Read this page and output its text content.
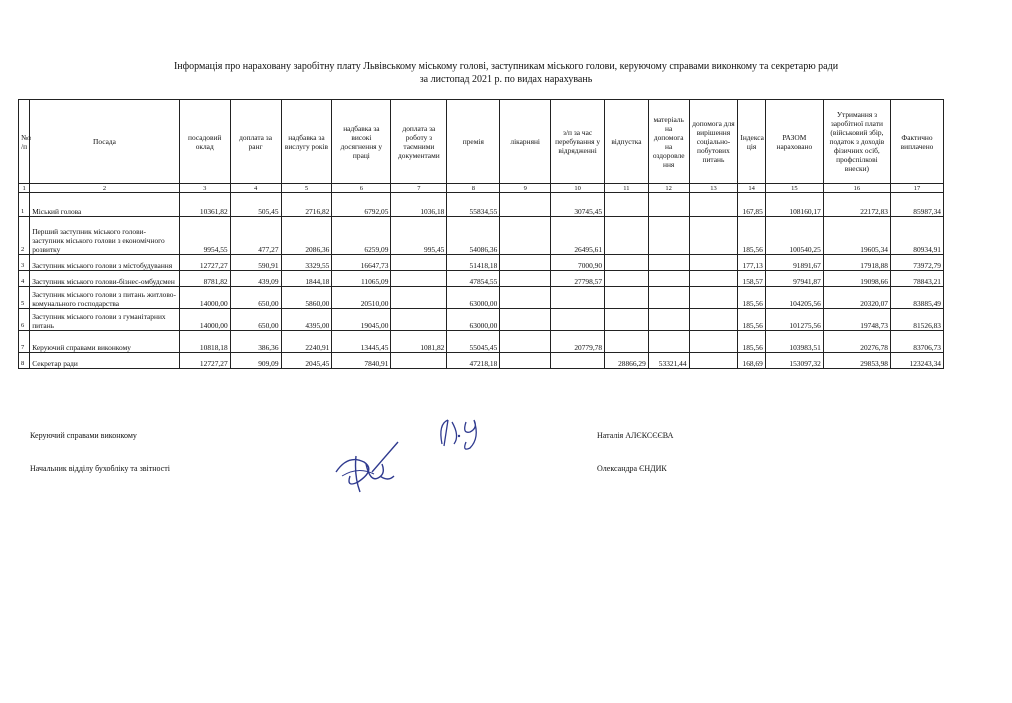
Інформація про нараховану заробітну плату Львівському міському голові, заступникам міського голови, керуючому справами виконкому та секретарю ради
за листопад 2021 р. по видах нарахувань
№з /п	Посада	посадовий оклад	доплата за ранг	надбавка за вислугу років	надбавка за високі досягнення у праці	доплата за роботу з таємними документами	премія	лікарняні	з/п за час перебування у відрядженні	відпустка	матеріаль на допомога на оздоровле ння	допомога для вирішення соціально-побутових питань	Індекса ція	РАЗОМ нараховано	Утримання з заробітної плати (військовий збір, податок з доходів фізичних осіб, профспілкові внески)	Фактично виплачено
1	2	3	4	5	6	7	8	9	10	11	12	13	14	15	16	17
1	Міський голова	10361,82	505,45	2716,82	6792,05	1036,18	55834,55		30745,45				167,85	108160,17	22172,83	85987,34
2	Перший заступник міського голови-заступник міського голови з економічного розвитку	9954,55	477,27	2086,36	6259,09	995,45	54086,36		26495,61				185,56	100540,25	19605,34	80934,91
3	Заступник міського голови з містобудування	12727,27	590,91	3329,55	16647,73		51418,18		7000,90				177,13	91891,67	17918,88	73972,79
4	Заступник міського голови-бізнес-омбудсмен	8781,82	439,09	1844,18	11065,09		47854,55		27798,57				158,57	97941,87	19098,66	78843,21
5	Заступник міського голови з питань житлово-комунального господарства	14000,00	650,00	5860,00	20510,00		63000,00						185,56	104205,56	20320,07	83885,49
6	Заступник міського голови з гуманітарних питань	14000,00	650,00	4395,00	19045,00		63000,00						185,56	101275,56	19748,73	81526,83
7	Керуючий справами виконкому	10818,18	386,36	2240,91	13445,45	1081,82	55045,45		20779,78				185,56	103983,51	20276,78	83706,73
8	Секретар ради	12727,27	909,09	2045,45	7840,91		47218,18			28866,29	53321,44		168,69	153097,32	29853,98	123243,34
Керуючий справами виконкому
Начальник відділу бухобліку та звітності
Наталія АЛЄКСЄЄВА
Олександра ЄНДИК
